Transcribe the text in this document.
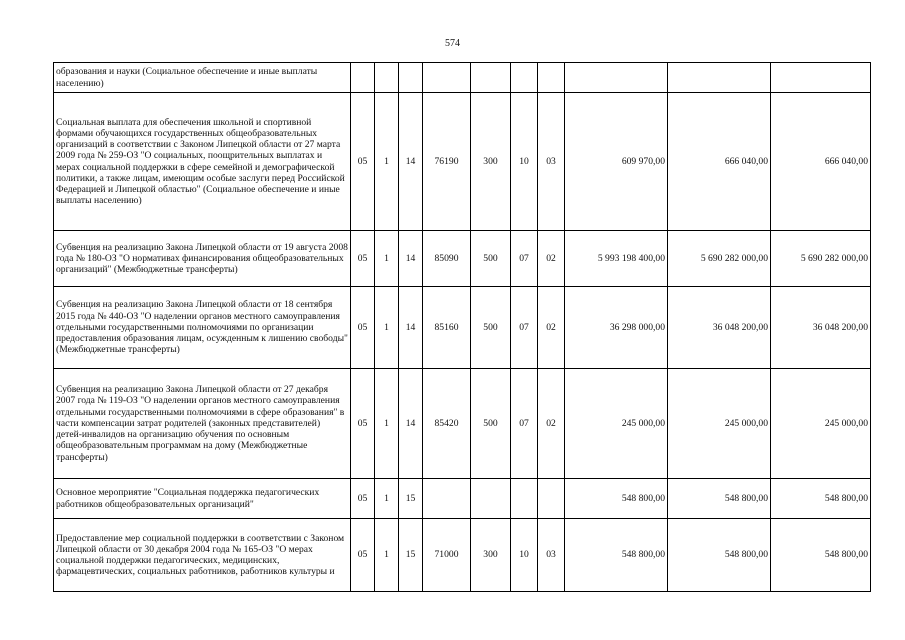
574
образования и науки (Социальное обеспечение и иные выплаты населению)										
Социальная выплата для обеспечения школьной и спортивной формами обучающихся государственных общеобразовательных организаций в соответствии с Законом Липецкой области от 27 марта 2009 года № 259-ОЗ "О социальных, поощрительных выплатах и мерах социальной поддержки в сфере семейной и демографической политики, а также лицам, имеющим особые заслуги перед Российской Федерацией и Липецкой областью" (Социальное обеспечение и иные выплаты населению)	05	1	14	76190	300	10	03	609 970,00	666 040,00	666 040,00
Субвенция на реализацию Закона Липецкой области от 19 августа 2008 года № 180-ОЗ "О нормативах финансирования общеобразовательных организаций" (Межбюджетные трансферты)	05	1	14	85090	500	07	02	5 993 198 400,00	5 690 282 000,00	5 690 282 000,00
Субвенция на реализацию Закона Липецкой области от 18 сентября 2015 года № 440-ОЗ "О наделении органов местного самоуправления отдельными государственными полномочиями по организации предоставления образования лицам, осужденным к лишению свободы" (Межбюджетные трансферты)	05	1	14	85160	500	07	02	36 298 000,00	36 048 200,00	36 048 200,00
Субвенция на реализацию Закона Липецкой области от 27 декабря 2007 года № 119-ОЗ "О наделении органов местного самоуправления отдельными государственными полномочиями в сфере образования" в части компенсации затрат родителей (законных представителей) детей-инвалидов на организацию обучения по основным общеобразовательным программам на дому (Межбюджетные трансферты)	05	1	14	85420	500	07	02	245 000,00	245 000,00	245 000,00
Основное мероприятие "Социальная поддержка педагогических работников общеобразовательных организаций"	05	1	15					548 800,00	548 800,00	548 800,00
Предоставление мер социальной поддержки в соответствии с Законом Липецкой области от 30 декабря 2004 года № 165-ОЗ "О мерах социальной поддержки педагогических, медицинских, фармацевтических, социальных работников, работников культуры и	05	1	15	71000	300	10	03	548 800,00	548 800,00	548 800,00
